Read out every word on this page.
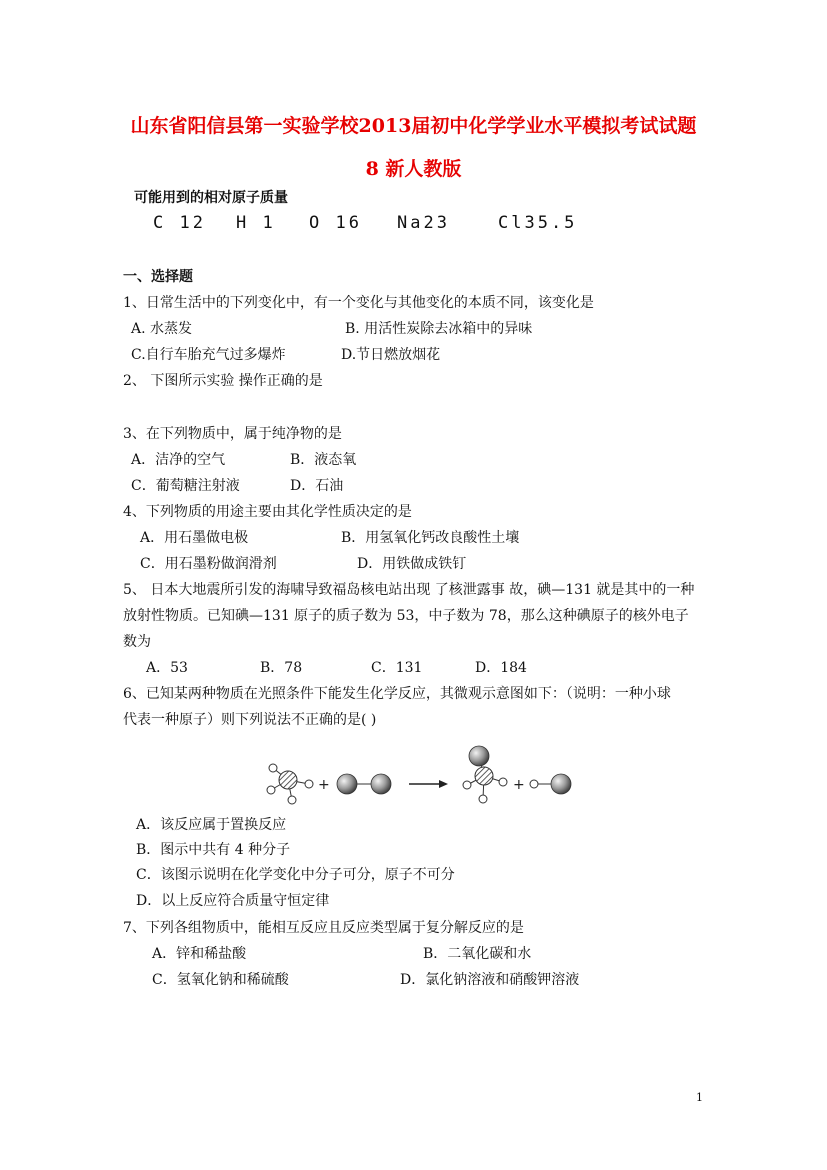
山东省阳信县第一实验学校2013届初中化学学业水平模拟考试试题
8 新人教版
可能用到的相对原子质量
C 12 H 1 O 16 Na23	Cl35.5
一、选择题
1、日常生活中的下列变化中，有一个变化与其他变化的本质不同，该变化是
A. 水蒸发	B. 用活性炭除去冰箱中的异味
C.自行车胎充气过多爆炸	D.节日燃放烟花
2、 下图所示实验 操作正确的是
3、在下列物质中，属于纯净物的是
A．洁净的空气	B．液态氧
C．葡萄糖注射液	D．石油
4、下列物质的用途主要由其化学性质决定的是
A．用石墨做电极	B．用氢氧化钙改良酸性土壤
C．用石墨粉做润滑剂	D．用铁做成铁钉
5、 日本大地震所引发的海啸导致福岛核电站出现 了核泄露事 故，碘—131 就是其中的一种
放射性物质。已知碘—131 原子的质子数为 53，中子数为 78，那么这种碘原子的核外电子
数为
A．53	B．78	C．131	D．184
6、已知某两种物质在光照条件下能发生化学反应，其微观示意图如下：（说明：一种小球
代表一种原子）则下列说法不正确的是( )
+	+
A．该反应属于置换反应
B．图示中共有 4 种分子
C．该图示说明在化学变化中分子可分，原子不可分
D．以上反应符合质量守恒定律
7、下列各组物质中，能相互反应且反应类型属于复分解反应的是
A．锌和稀盐酸	B．二氧化碳和水
C．氢氧化钠和稀硫酸	D．氯化钠溶液和硝酸钾溶液
1
